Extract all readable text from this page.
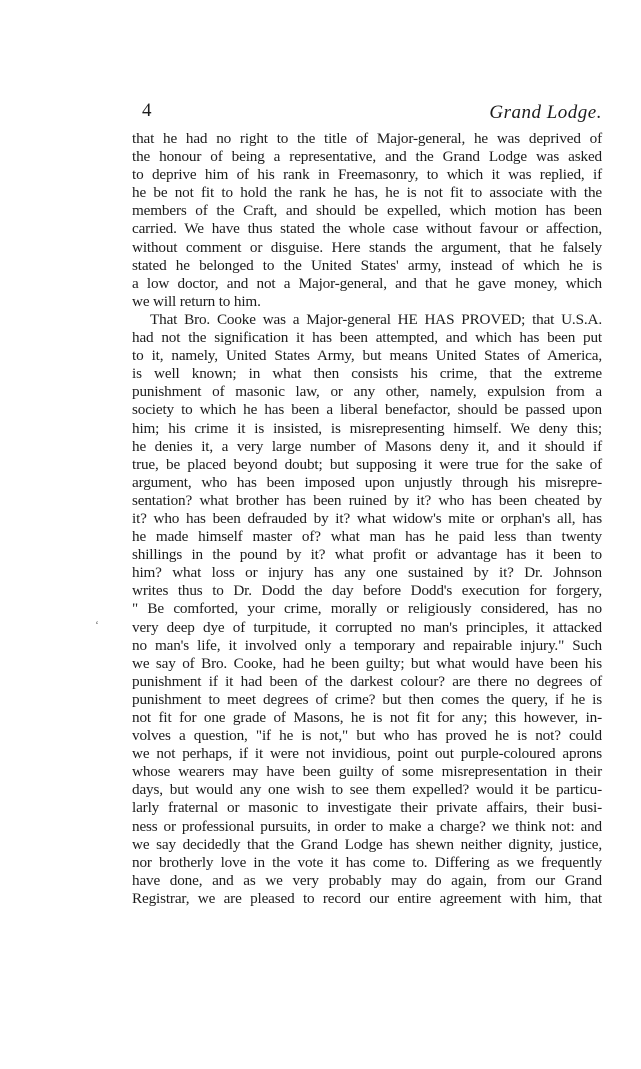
4	Grand Lodge.
‘
that he had no right to the title of Major-general, he was deprived of
the honour of being a representative, and the Grand Lodge was asked
to deprive him of his rank in Freemasonry, to which it was replied, if
he be not fit to hold the rank he has, he is not fit to associate with the
members of the Craft, and should be expelled, which motion has been
carried. We have thus stated the whole case without favour or affection,
without comment or disguise. Here stands the argument, that he falsely
stated he belonged to the United States' army, instead of which he is
a low doctor, and not a Major-general, and that he gave money, which
we will return to him.
That Bro. Cooke was a Major-general HE HAS PROVED; that U.S.A.
had not the signification it has been attempted, and which has been put
to it, namely, United States Army, but means United States of America,
is well known; in what then consists his crime, that the extreme
punishment of masonic law, or any other, namely, expulsion from a
society to which he has been a liberal benefactor, should be passed upon
him; his crime it is insisted, is misrepresenting himself. We deny this;
he denies it, a very large number of Masons deny it, and it should if
true, be placed beyond doubt; but supposing it were true for the sake of
argument, who has been imposed upon unjustly through his misrepre-
sentation? what brother has been ruined by it? who has been cheated by
it? who has been defrauded by it? what widow's mite or orphan's all, has
he made himself master of? what man has he paid less than twenty
shillings in the pound by it? what profit or advantage has it been to
him? what loss or injury has any one sustained by it? Dr. Johnson
writes thus to Dr. Dodd the day before Dodd's execution for forgery,
" Be comforted, your crime, morally or religiously considered, has no
very deep dye of turpitude, it corrupted no man's principles, it attacked
no man's life, it involved only a temporary and repairable injury." Such
we say of Bro. Cooke, had he been guilty; but what would have been his
punishment if it had been of the darkest colour? are there no degrees of
punishment to meet degrees of crime? but then comes the query, if he is
not fit for one grade of Masons, he is not fit for any; this however, in-
volves a question, "if he is not," but who has proved he is not? could
we not perhaps, if it were not invidious, point out purple-coloured aprons
whose wearers may have been guilty of some misrepresentation in their
days, but would any one wish to see them expelled? would it be particu-
larly fraternal or masonic to investigate their private affairs, their busi-
ness or professional pursuits, in order to make a charge? we think not: and
we say decidedly that the Grand Lodge has shewn neither dignity, justice,
nor brotherly love in the vote it has come to. Differing as we frequently
have done, and as we very probably may do again, from our Grand
Registrar, we are pleased to record our entire agreement with him, that
